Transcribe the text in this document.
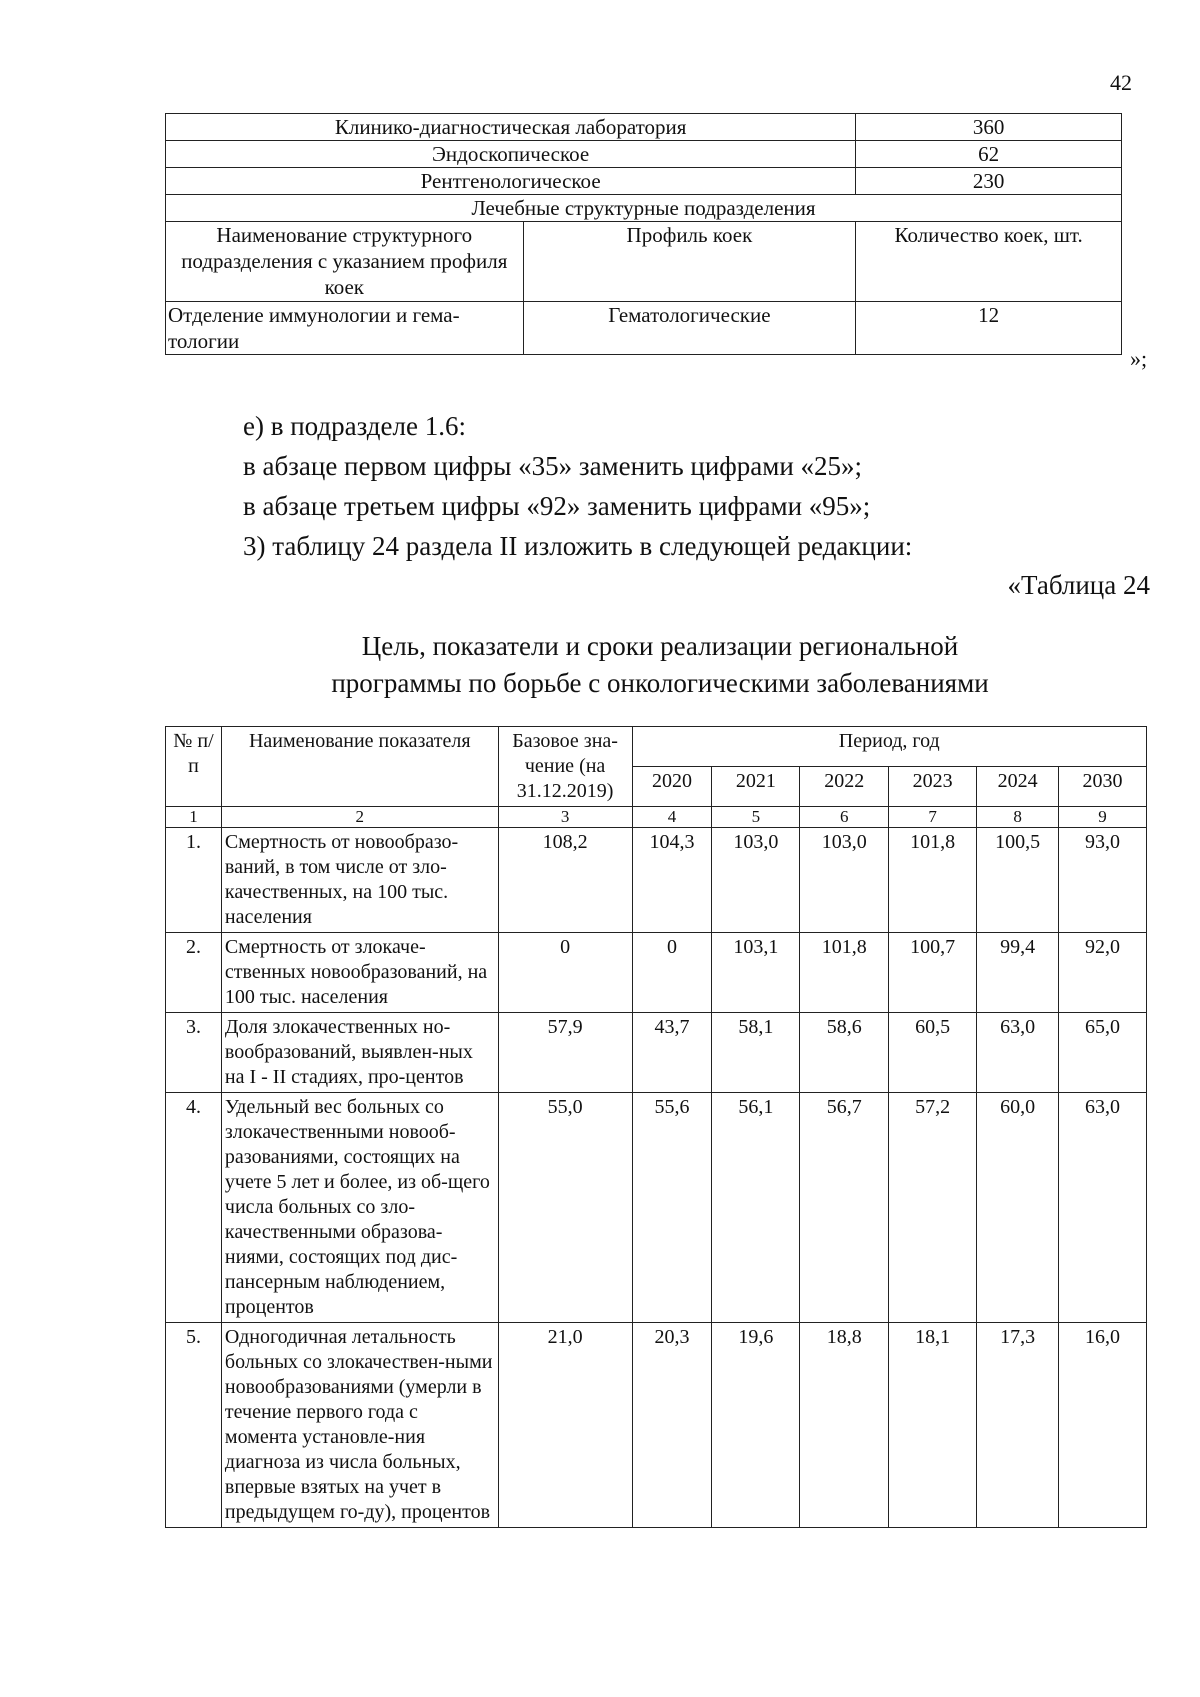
42
Клинико-диагностическая лаборатория		360
Эндоскопическое		62
Рентгенологическое		230
Лечебные структурные подразделения		
Наименование структурного подразделения с указанием профиля коек	Профиль коек	Количество коек, шт.
Отделение иммунологии и гема-тологии	Гематологические	12
»;
е) в подразделе 1.6:
в абзаце первом цифры «35» заменить цифрами «25»;
в абзаце третьем цифры «92» заменить цифрами «95»;
3) таблицу 24 раздела II изложить в следующей редакции:
«Таблица 24
Цель, показатели и сроки реализации региональной программы по борьбе с онкологическими заболеваниями
№ п/п	Наименование показателя	Базовое зна-чение (на 31.12.2019)	Период, год					
			2020	2021	2022	2023	2024	2030
1	2	3	4	5	6	7	8	9
1.	Смертность от новообразо-ваний, в том числе от зло-качественных, на 100 тыс. населения	108,2	104,3	103,0	103,0	101,8	100,5	93,0
2.	Смертность от злокаче-ственных новообразований, на 100 тыс. населения	0	0	103,1	101,8	100,7	99,4	92,0
3.	Доля злокачественных но-вообразований, выявлен-ных на I - II стадиях, про-центов	57,9	43,7	58,1	58,6	60,5	63,0	65,0
4.	Удельный вес больных со злокачественными новооб-разованиями, состоящих на учете 5 лет и более, из об-щего числа больных со зло-качественными образова-ниями, состоящих под дис-пансерным наблюдением, процентов	55,0	55,6	56,1	56,7	57,2	60,0	63,0
5.	Одногодичная летальность больных со злокачествен-ными новообразованиями (умерли в течение первого года с момента установле-ния диагноза из числа больных, впервые взятых на учет в предыдущем го-ду), процентов	21,0	20,3	19,6	18,8	18,1	17,3	16,0
